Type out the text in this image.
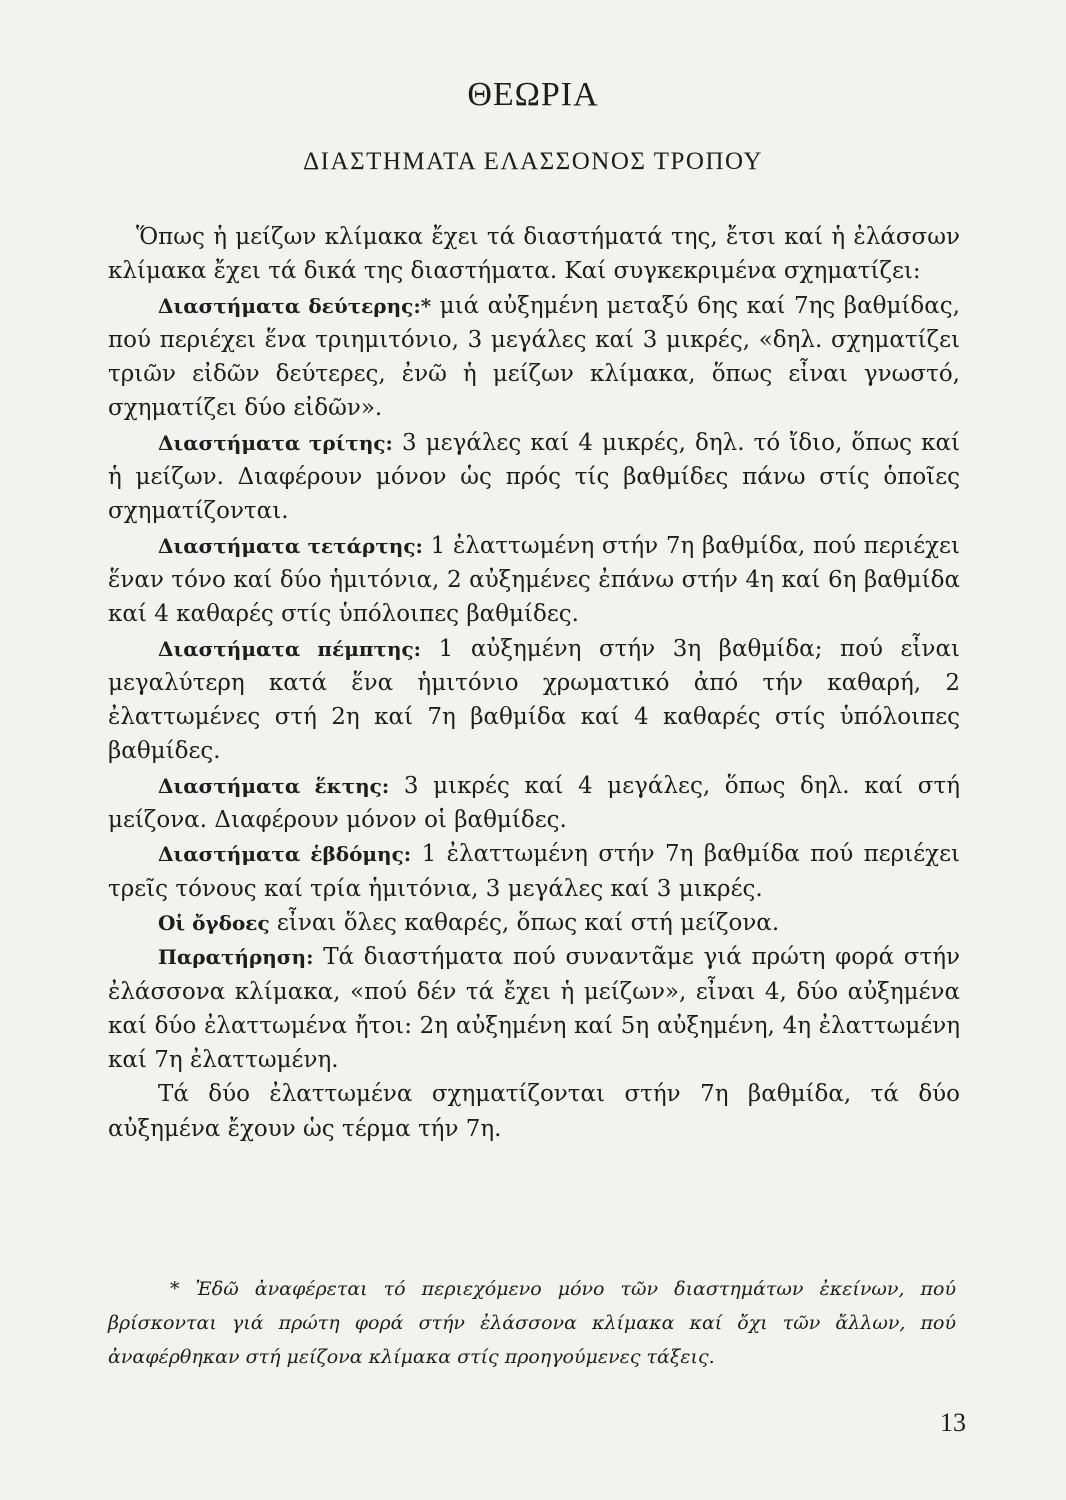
ΘΕΩΡΙΑ
ΔΙΑΣΤΗΜΑΤΑ ΕΛΑΣΣΟΝΟΣ ΤΡΟΠΟΥ

Ὅπως ἡ μείζων κλίμακα ἔχει τά διαστήματά της, ἔτσι καί ἡ ἐλάσσων κλίμακα ἔχει τά δικά της διαστήματα. Καί συγκεκριμένα σχηματίζει:

Διαστήματα δεύτερης:* μιά αὐξημένη μεταξύ 6ης καί 7ης βαθμίδας, πού περιέχει ἕνα τριημιτόνιο, 3 μεγάλες καί 3 μικρές, «δηλ. σχηματίζει τριῶν εἰδῶν δεύτερες, ἐνῶ ἡ μείζων κλίμακα, ὅπως εἶναι γνωστό, σχηματίζει δύο εἰδῶν».

Διαστήματα τρίτης: 3 μεγάλες καί 4 μικρές, δηλ. τό ἴδιο, ὅπως καί ἡ μείζων. Διαφέρουν μόνον ὡς πρός τίς βαθμίδες πάνω στίς ὁποῖες σχηματίζονται.

Διαστήματα τετάρτης: 1 ἐλαττωμένη στήν 7η βαθμίδα, πού περιέχει ἕναν τόνο καί δύο ἡμιτόνια, 2 αὐξημένες ἐπάνω στήν 4η καί 6η βαθμίδα καί 4 καθαρές στίς ὑπόλοιπες βαθμίδες.

Διαστήματα πέμπτης: 1 αὐξημένη στήν 3η βαθμίδα; πού εἶναι μεγαλύτερη κατά ἕνα ἡμιτόνιο χρωματικό ἀπό τήν καθαρή, 2 ἐλαττωμένες στή 2η καί 7η βαθμίδα καί 4 καθαρές στίς ὑπόλοιπες βαθμίδες.

Διαστήματα ἕκτης: 3 μικρές καί 4 μεγάλες, ὅπως δηλ. καί στή μείζονα. Διαφέρουν μόνον οἱ βαθμίδες.

Διαστήματα ἑβδόμης: 1 ἐλαττωμένη στήν 7η βαθμίδα πού περιέχει τρεῖς τόνους καί τρία ἡμιτόνια, 3 μεγάλες καί 3 μικρές.

Οἱ ὄγδοες εἶναι ὅλες καθαρές, ὅπως καί στή μείζονα.

Παρατήρηση: Τά διαστήματα πού συναντᾶμε γιά πρώτη φορά στήν ἐλάσσονα κλίμακα, «πού δέν τά ἔχει ἡ μείζων», εἶναι 4, δύο αὐξημένα καί δύο ἐλαττωμένα ἤτοι: 2η αὐξημένη καί 5η αὐξημένη, 4η ἐλαττωμένη καί 7η ἐλαττωμένη.

Τά δύο ἐλαττωμένα σχηματίζονται στήν 7η βαθμίδα, τά δύο αὐξημένα ἔχουν ὡς τέρμα τήν 7η.

* Ἐδῶ ἀναφέρεται τό περιεχόμενο μόνο τῶν διαστημάτων ἐκείνων, πού βρίσκονται γιά πρώτη φορά στήν ἐλάσσονα κλίμακα καί ὄχι τῶν ἄλλων, πού ἀναφέρθηκαν στή μείζονα κλίμακα στίς προηγούμενες τάξεις.

13
